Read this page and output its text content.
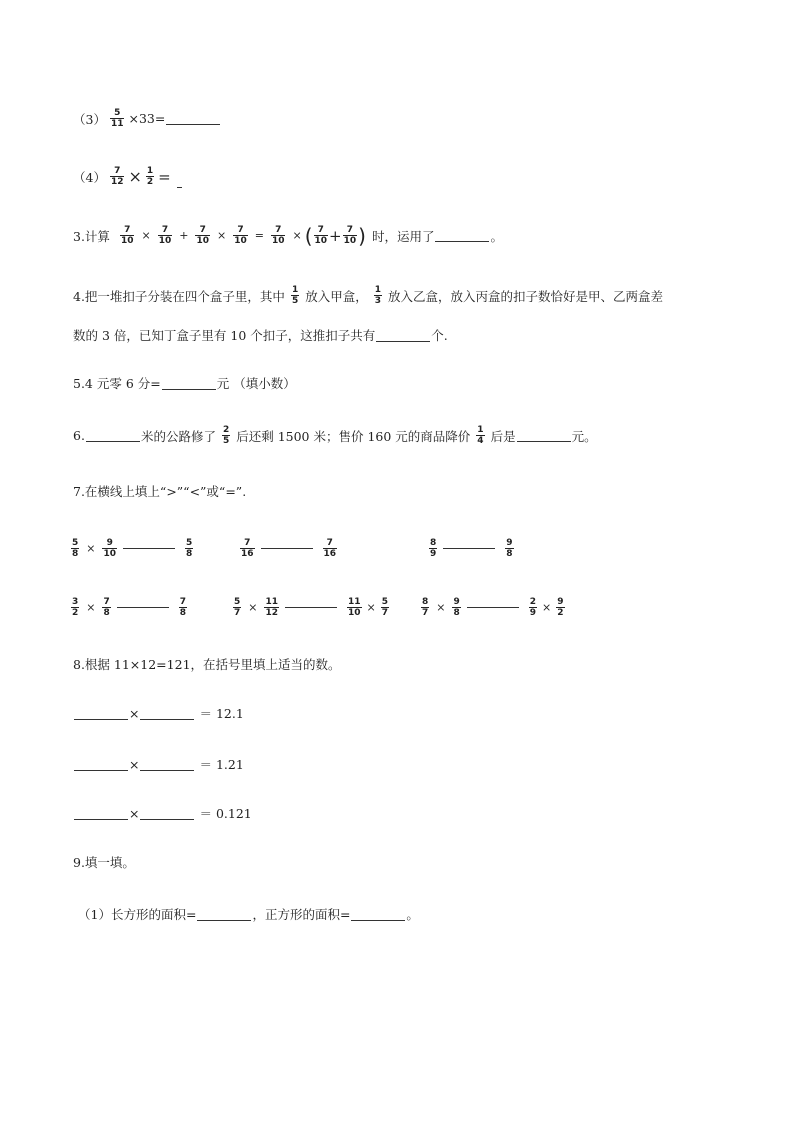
$(3) \frac{5}{11} \times 33=$
$(4) \frac{7}{12} \times \frac{1}{2}$ =
3.计算 $\frac{7}{10} \times \frac{7}{10} + \frac{7}{10} \times \frac{7}{10} = \frac{7}{10}$ × ( $\frac{7}{10} + \frac{7}{10}$ ) 时，运用了	。
4.把一堆扣子分装在四个盒子里，其中 $\frac{1}{5}$ 放入甲盒， $\frac{1}{3}$ 放入乙盒，放入丙盒的扣子数恰好是甲、乙两盒差
数的 3 倍，已知丁盒子里有 10 个扣子，这推扣子共有	个.
5.4 元零 6 分=	元 （填小数）
6.	米的公路修了 $\frac{2}{5}$ 后还剩 1500 米；售价 160 元的商品降价 $\frac{1}{4}$ 后是	元。
7.在横线上填上“>”“<”或“=”.
$\frac{5}{8} \times \frac{9}{10}$	$\frac{5}{8}$	$\frac{7}{16}$	$\frac{7}{16}$	$\frac{8}{9}$	$\frac{9}{8}$
$\frac{3}{2} \times \frac{7}{8}$	$\frac{7}{8}$	$\frac{5}{7} \times \frac{11}{12}$	$\frac{11}{10} \times \frac{5}{7}$	$\frac{8}{7} \times \frac{9}{8}$	$\frac{2}{9} \times \frac{9}{2}$
8.根据 11×12=121，在括号里填上适当的数。
×	＝ 12.1
×	＝ 1.21
×	＝ 0.121
9.填一填。
（1）长方形的面积=	，正方形的面积=	。
